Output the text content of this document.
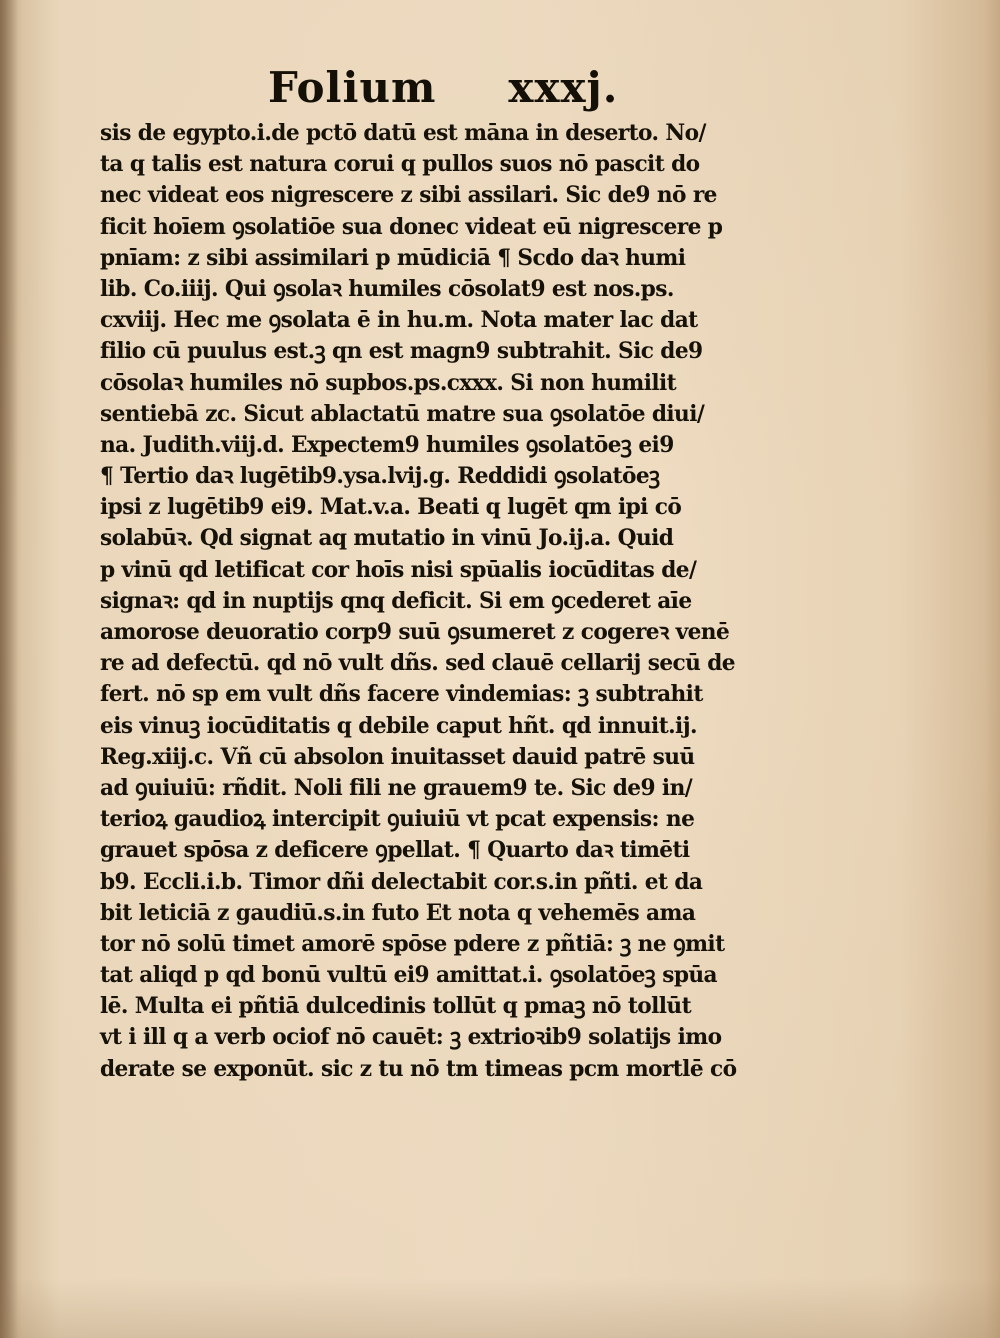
Folium xxxj.
sis de egypto.i.de pctō datū est māna in deserto. No/
ta q talis est natura corui q pullos suos nō pascit do
nec videat eos nigrescere z sibi assilari. Sic de9 nō re
ficit hoīem ꝯsolatiōe sua donec videat eū nigrescere p
pnīam: z sibi assimilari p mūdiciā ¶ Scdo daꝛ humi
lib. Co.iiij. Qui ꝯsolaꝛ humiles cōsolat9 est nos.ps.
cxviij. Hec me ꝯsolata ē in hu.m. Nota mater lac dat
filio cū puulus est.ꝫ qn est magn9 subtrahit. Sic de9
cōsolaꝛ humiles nō supbos.ps.cxxx. Si non humilit
sentiebā zc. Sicut ablactatū matre sua ꝯsolatōe diui/
na. Judith.viij.d. Expectem9 humiles ꝯsolatōeꝫ ei9
¶ Tertio daꝛ lugētib9.ysa.lvij.g. Reddidi ꝯsolatōeꝫ
ipsi z lugētib9 ei9. Mat.v.a. Beati q lugēt qm ipi cō
solabūꝛ. Qd signat aq mutatio in vinū Jo.ij.a. Quid
p vinū qd letificat cor hoīs nisi spūalis iocūditas de/
signaꝛ: qd in nuptijs qnq deficit. Si em ꝯcederet aīe
amorose deuoratio corp9 suū ꝯsumeret z cogereꝛ venē
re ad defectū. qd nō vult dñs. sed clauē cellarij secū de
fert. nō sp em vult dñs facere vindemias: ꝫ subtrahit
eis vinuꝫ iocūditatis q debile caput hñt. qd innuit.ij.
Reg.xiij.c. Vñ cū absolon inuitasset dauid patrē suū
ad ꝯuiuiū: rñdit. Noli fili ne grauem9 te. Sic de9 in/
terioꝝ gaudioꝝ intercipit ꝯuiuiū vt pcat expensis: ne
grauet spōsa z deficere ꝯpellat. ¶ Quarto daꝛ timēti
b9. Eccli.i.b. Timor dñi delectabit cor.s.in pñti. et da
bit leticiā z gaudiū.s.in futo Et nota q vehemēs ama
tor nō solū timet amorē spōse pdere z pñtiā: ꝫ ne ꝯmit
tat aliqd p qd bonū vultū ei9 amittat.i. ꝯsolatōeꝫ spūa
lē. Multa ei pñtiā dulcedinis tollūt q pmaꝫ nō tollūt
vt i ill q a verb ociof nō cauēt: ꝫ extrioꝛib9 solatijs imo
derate se exponūt. sic z tu nō tm timeas pcm mortlē cō
